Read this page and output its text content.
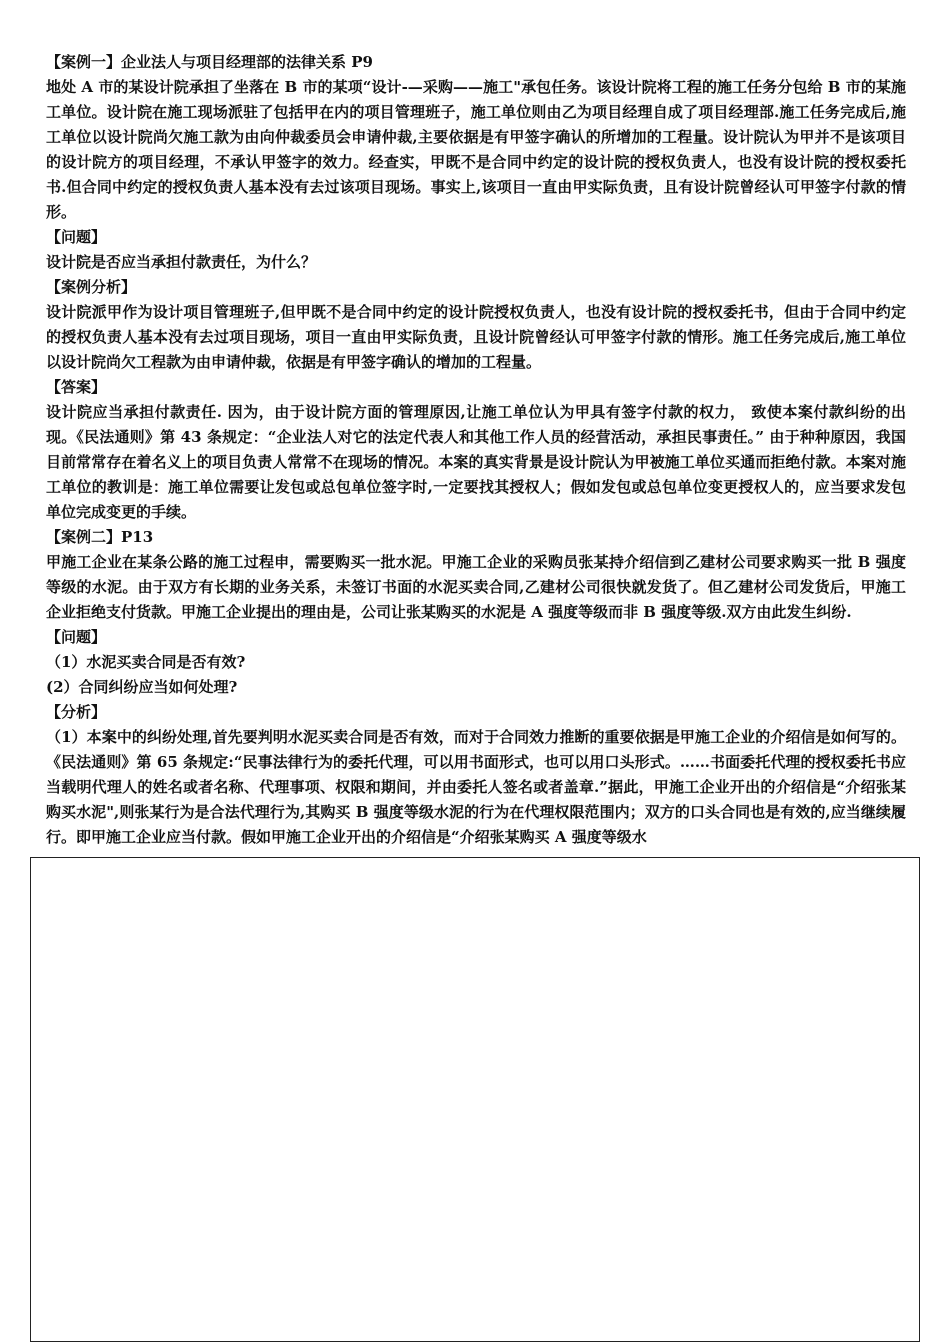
【案例一】企业法人与项目经理部的法律关系 P9

地处 A 市的某设计院承担了坐落在 B 市的某项“设计-—采购——施工"承包任务。该设计院将工程的施工任务分包给 B 市的某施工单位。设计院在施工现场派驻了包括甲在内的项目管理班子，施工单位则由乙为项目经理自成了项目经理部.施工任务完成后,施工单位以设计院尚欠施工款为由向仲裁委员会申请仲裁,主要依据是有甲签字确认的所增加的工程量。设计院认为甲并不是该项目的设计院方的项目经理，不承认甲签字的效力。经查实，甲既不是合同中约定的设计院的授权负责人，也没有设计院的授权委托书.但合同中约定的授权负责人基本没有去过该项目现场。事实上,该项目一直由甲实际负责，且有设计院曾经认可甲签字付款的情形。

【问题】

设计院是否应当承担付款责任，为什么？

【案例分析】

设计院派甲作为设计项目管理班子,但甲既不是合同中约定的设计院授权负责人，也没有设计院的授权委托书，但由于合同中约定的授权负责人基本没有去过项目现场，项目一直由甲实际负责，且设计院曾经认可甲签字付款的情形。施工任务完成后,施工单位以设计院尚欠工程款为由申请仲裁，依据是有甲签字确认的增加的工程量。

【答案】

设计院应当承担付款责任. 因为，由于设计院方面的管理原因,让施工单位认为甲具有签字付款的权力， 致使本案付款纠纷的出现。《民法通则》第 43 条规定：“企业法人对它的法定代表人和其他工作人员的经营活动，承担民事责任。” 由于种种原因，我国目前常常存在着名义上的项目负责人常常不在现场的情况。本案的真实背景是设计院认为甲被施工单位买通而拒绝付款。本案对施工单位的教训是：施工单位需要让发包或总包单位签字时,一定要找其授权人；假如发包或总包单位变更授权人的，应当要求发包单位完成变更的手续。

【案例二】P13

甲施工企业在某条公路的施工过程申，需要购买一批水泥。甲施工企业的采购员张某持介绍信到乙建材公司要求购买一批 B 强度等级的水泥。由于双方有长期的业务关系，未签订书面的水泥买卖合同,乙建材公司很快就发货了。但乙建材公司发货后，甲施工企业拒绝支付货款。甲施工企业提出的理由是，公司让张某购买的水泥是 A 强度等级而非 B 强度等级.双方由此发生纠纷.

【问题】

（1）水泥买卖合同是否有效?

(2）合同纠纷应当如何处理?

【分析】

（1）本案中的纠纷处理,首先要判明水泥买卖合同是否有效，而对于合同效力推断的重要依据是甲施工企业的介绍信是如何写的。《民法通则》第 65 条规定:“民事法律行为的委托代理，可以用书面形式，也可以用口头形式。……书面委托代理的授权委托书应当载明代理人的姓名或者名称、代理事项、权限和期间，并由委托人签名或者盖章.”据此，甲施工企业开出的介绍信是“介绍张某购买水泥",则张某行为是合法代理行为,其购买 B 强度等级水泥的行为在代理权限范围内；双方的口头合同也是有效的,应当继续履行。即甲施工企业应当付款。假如甲施工企业开出的介绍信是“介绍张某购买 A 强度等级水
